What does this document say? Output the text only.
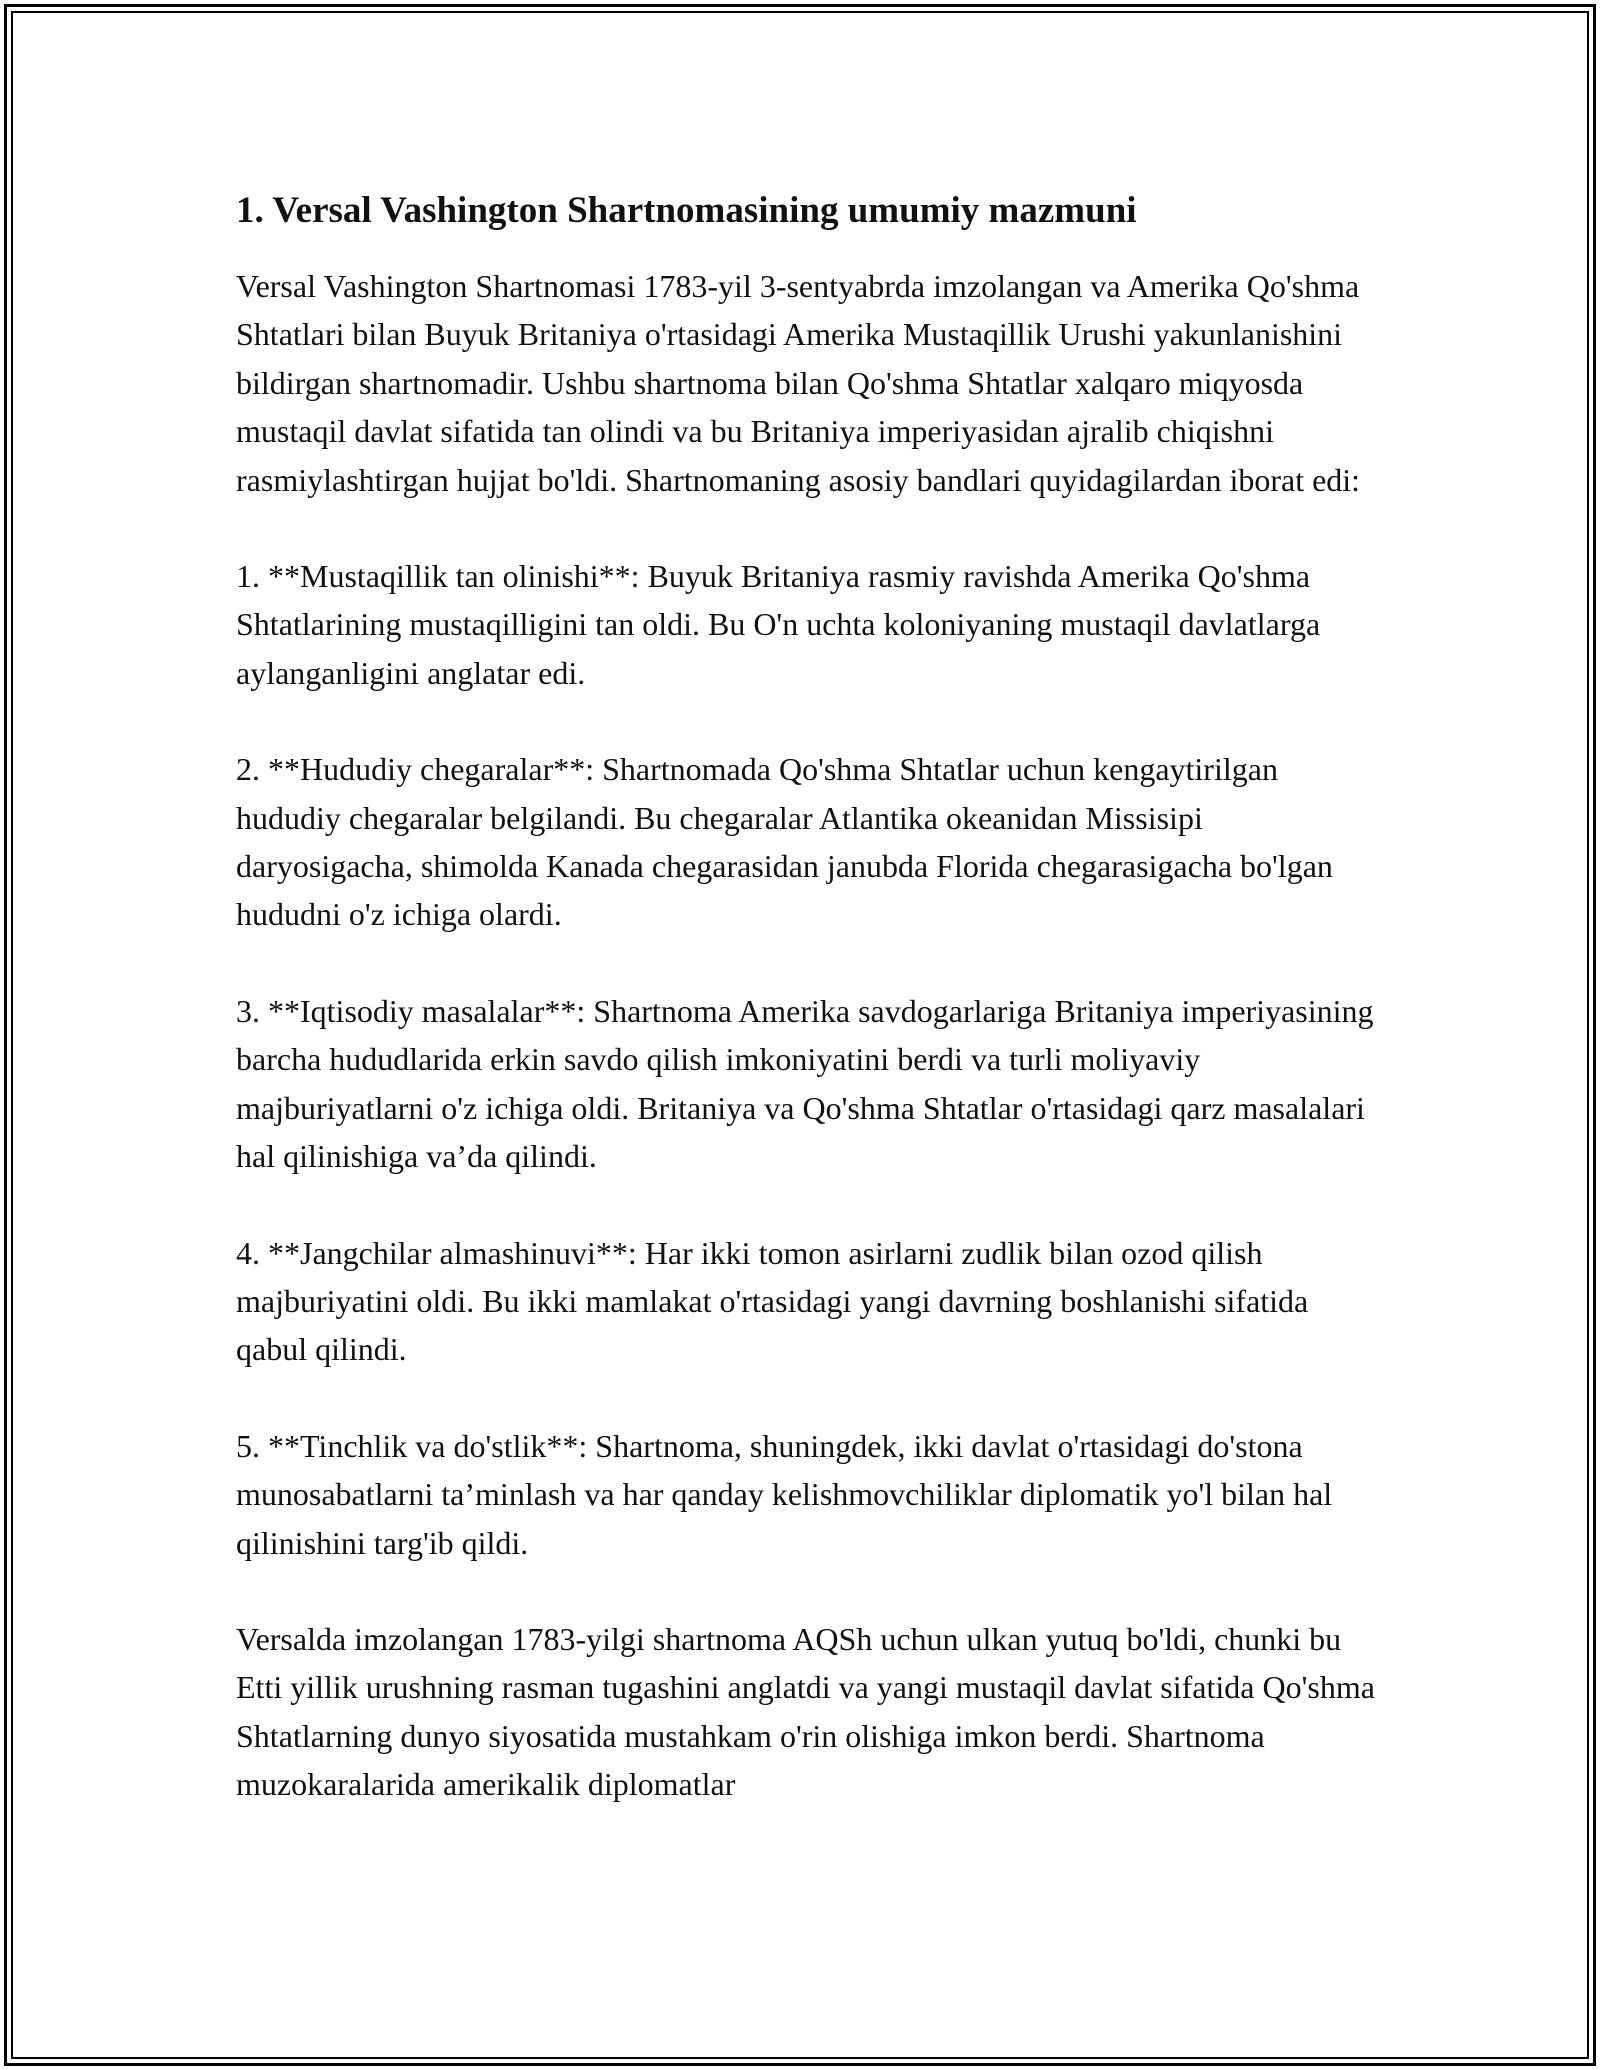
1. Versal Vashington Shartnomasining umumiy mazmuni

Versal Vashington Shartnomasi 1783-yil 3-sentyabrda imzolangan va Amerika Qo'shma Shtatlari bilan Buyuk Britaniya o'rtasidagi Amerika Mustaqillik Urushi yakunlanishini bildirgan shartnomadir. Ushbu shartnoma bilan Qo'shma Shtatlar xalqaro miqyosda mustaqil davlat sifatida tan olindi va bu Britaniya imperiyasidan ajralib chiqishni rasmiylashtirgan hujjat bo'ldi. Shartnomaning asosiy bandlari quyidagilardan iborat edi:

1. **Mustaqillik tan olinishi**: Buyuk Britaniya rasmiy ravishda Amerika Qo'shma Shtatlarining mustaqilligini tan oldi. Bu O'n uchta koloniyaning mustaqil davlatlarga aylanganligini anglatar edi.

2. **Hududiy chegaralar**: Shartnomada Qo'shma Shtatlar uchun kengaytirilgan hududiy chegaralar belgilandi. Bu chegaralar Atlantika okeanidan Missisipi daryosigacha, shimolda Kanada chegarasidan janubda Florida chegarasigacha bo'lgan hududni o'z ichiga olardi.

3. **Iqtisodiy masalalar**: Shartnoma Amerika savdogarlariga Britaniya imperiyasining barcha hududlarida erkin savdo qilish imkoniyatini berdi va turli moliyaviy majburiyatlarni o'z ichiga oldi. Britaniya va Qo'shma Shtatlar o'rtasidagi qarz masalalari hal qilinishiga va’da qilindi.

4. **Jangchilar almashinuvi**: Har ikki tomon asirlarni zudlik bilan ozod qilish majburiyatini oldi. Bu ikki mamlakat o'rtasidagi yangi davrning boshlanishi sifatida qabul qilindi.

5. **Tinchlik va do'stlik**: Shartnoma, shuningdek, ikki davlat o'rtasidagi do'stona munosabatlarni ta’minlash va har qanday kelishmovchiliklar diplomatik yo'l bilan hal qilinishini targ'ib qildi.

Versalda imzolangan 1783-yilgi shartnoma AQSh uchun ulkan yutuq bo'ldi, chunki bu Etti yillik urushning rasman tugashini anglatdi va yangi mustaqil davlat sifatida Qo'shma Shtatlarning dunyo siyosatida mustahkam o'rin olishiga imkon berdi. Shartnoma muzokaralarida amerikalik diplomatlar
